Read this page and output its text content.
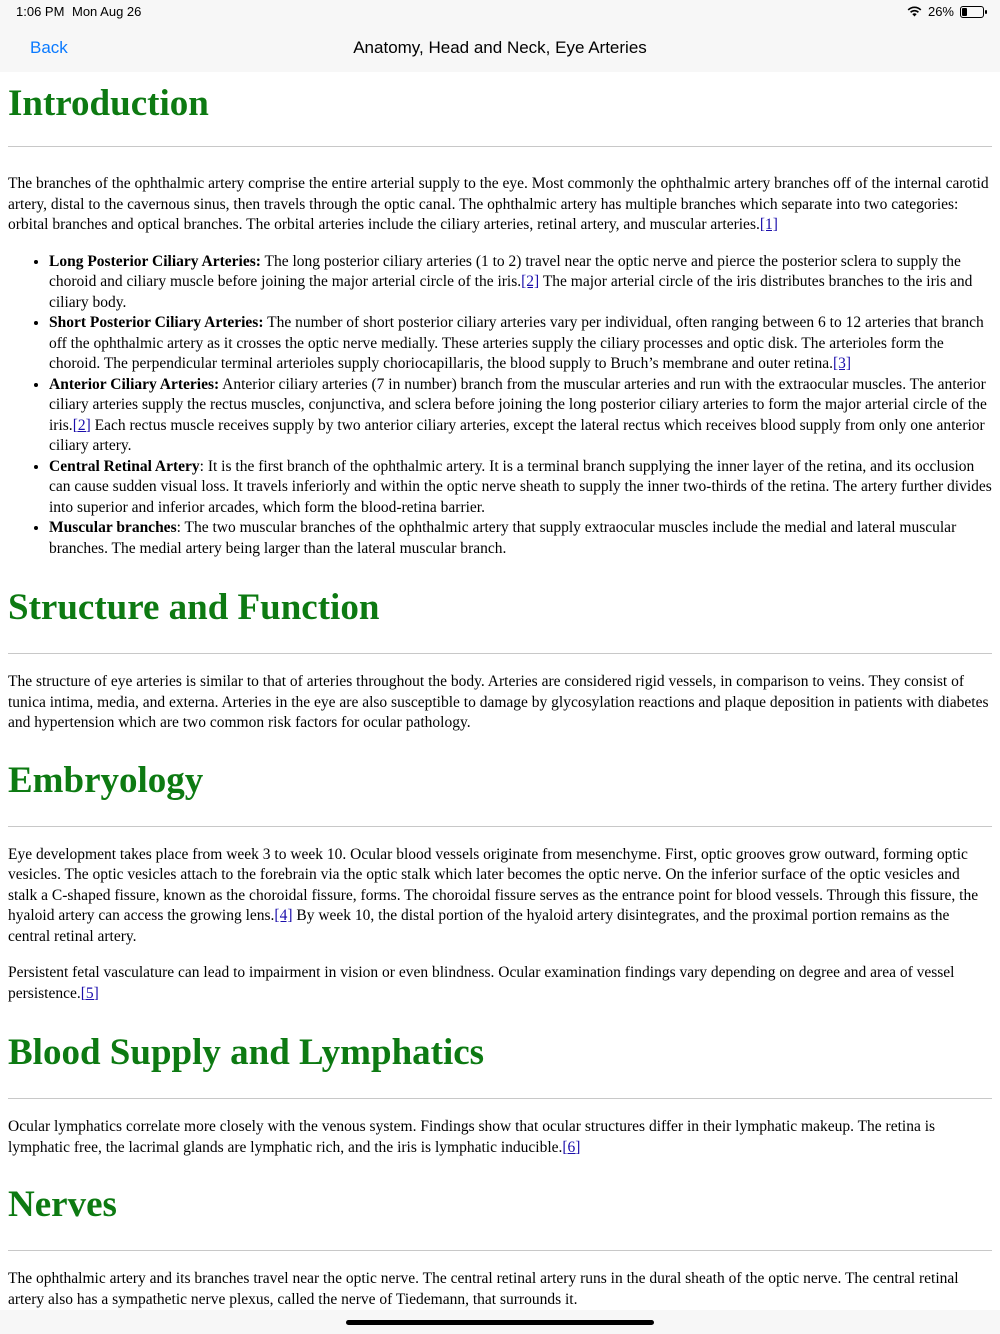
1:06 PM Mon Aug 26	26%
Back	Anatomy, Head and Neck, Eye Arteries
Introduction

The branches of the ophthalmic artery comprise the entire arterial supply to the eye. Most commonly the ophthalmic artery branches off of the internal carotid artery, distal to the cavernous sinus, then travels through the optic canal. The ophthalmic artery has multiple branches which separate into two categories: orbital branches and optical branches. The orbital arteries include the ciliary arteries, retinal artery, and muscular arteries.[1]

• Long Posterior Ciliary Arteries: The long posterior ciliary arteries (1 to 2) travel near the optic nerve and pierce the posterior sclera to supply the choroid and ciliary muscle before joining the major arterial circle of the iris.[2] The major arterial circle of the iris distributes branches to the iris and ciliary body.
• Short Posterior Ciliary Arteries: The number of short posterior ciliary arteries vary per individual, often ranging between 6 to 12 arteries that branch off the ophthalmic artery as it crosses the optic nerve medially. These arteries supply the ciliary processes and optic disk. The arterioles form the choroid. The perpendicular terminal arterioles supply choriocapillaris, the blood supply to Bruch’s membrane and outer retina.[3]
• Anterior Ciliary Arteries: Anterior ciliary arteries (7 in number) branch from the muscular arteries and run with the extraocular muscles. The anterior ciliary arteries supply the rectus muscles, conjunctiva, and sclera before joining the long posterior ciliary arteries to form the major arterial circle of the iris.[2] Each rectus muscle receives supply by two anterior ciliary arteries, except the lateral rectus which receives blood supply from only one anterior ciliary artery.
• Central Retinal Artery: It is the first branch of the ophthalmic artery. It is a terminal branch supplying the inner layer of the retina, and its occlusion can cause sudden visual loss. It travels inferiorly and within the optic nerve sheath to supply the inner two-thirds of the retina. The artery further divides into superior and inferior arcades, which form the blood-retina barrier.
• Muscular branches: The two muscular branches of the ophthalmic artery that supply extraocular muscles include the medial and lateral muscular branches. The medial artery being larger than the lateral muscular branch.
Structure and Function

The structure of eye arteries is similar to that of arteries throughout the body. Arteries are considered rigid vessels, in comparison to veins. They consist of tunica intima, media, and externa. Arteries in the eye are also susceptible to damage by glycosylation reactions and plaque deposition in patients with diabetes and hypertension which are two common risk factors for ocular pathology.

Embryology

Eye development takes place from week 3 to week 10. Ocular blood vessels originate from mesenchyme. First, optic grooves grow outward, forming optic vesicles. The optic vesicles attach to the forebrain via the optic stalk which later becomes the optic nerve. On the inferior surface of the optic vesicles and stalk a C-shaped fissure, known as the choroidal fissure, forms. The choroidal fissure serves as the entrance point for blood vessels. Through this fissure, the hyaloid artery can access the growing lens.[4] By week 10, the distal portion of the hyaloid artery disintegrates, and the proximal portion remains as the central retinal artery.

Persistent fetal vasculature can lead to impairment in vision or even blindness. Ocular examination findings vary depending on degree and area of vessel persistence.[5]

Blood Supply and Lymphatics

Ocular lymphatics correlate more closely with the venous system. Findings show that ocular structures differ in their lymphatic makeup. The retina is lymphatic free, the lacrimal glands are lymphatic rich, and the iris is lymphatic inducible.[6]

Nerves

The ophthalmic artery and its branches travel near the optic nerve. The central retinal artery runs in the dural sheath of the optic nerve. The central retinal artery also has a sympathetic nerve plexus, called the nerve of Tiedemann, that surrounds it.
